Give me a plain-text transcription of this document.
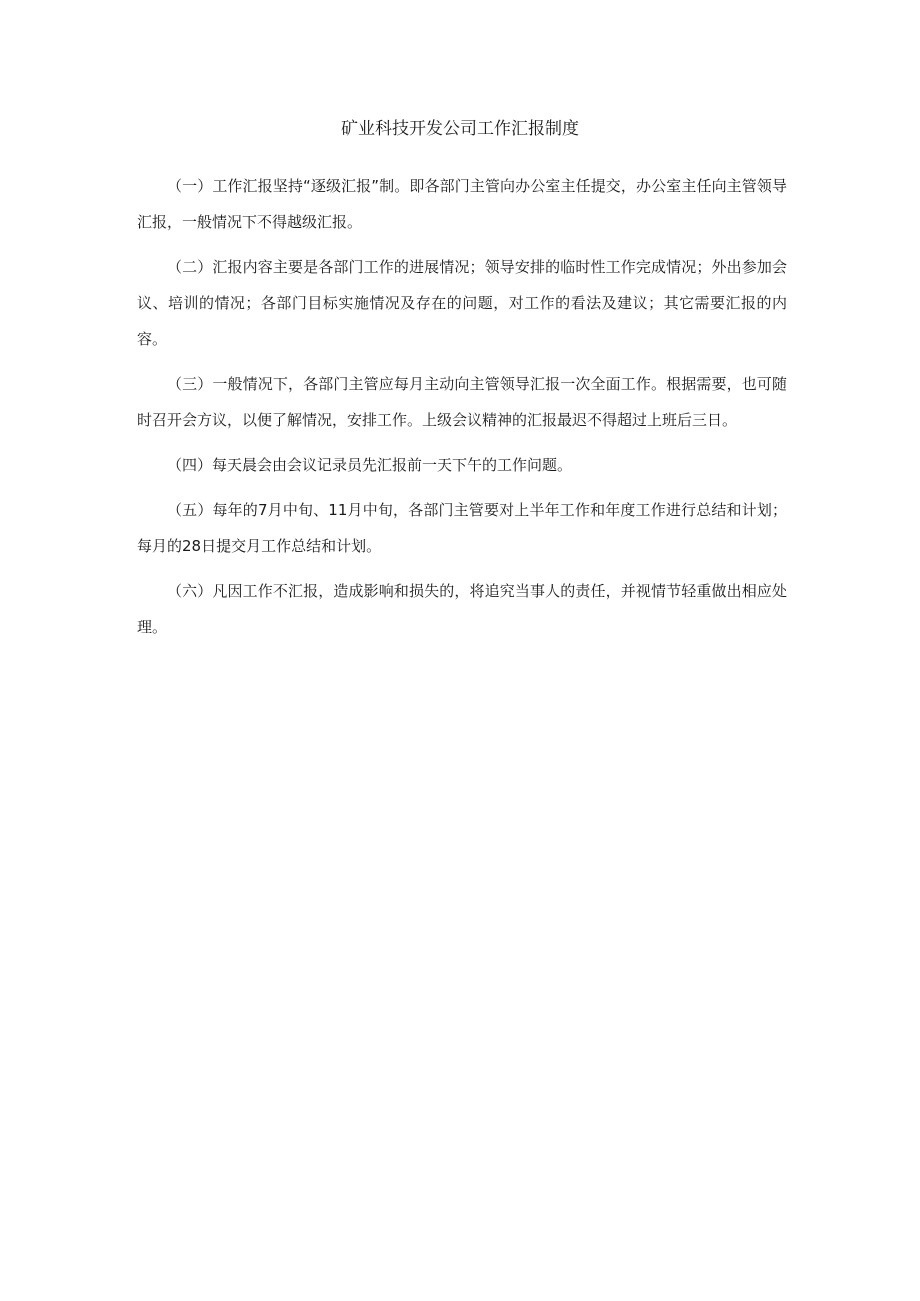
矿业科技开发公司工作汇报制度

（一）工作汇报坚持“逐级汇报”制。即各部门主管向办公室主任提交，办公室主任向主管领导汇报，一般情况下不得越级汇报。

（二）汇报内容主要是各部门工作的进展情况；领导安排的临时性工作完成情况；外出参加会议、培训的情况；各部门目标实施情况及存在的问题，对工作的看法及建议；其它需要汇报的内容。

（三）一般情况下，各部门主管应每月主动向主管领导汇报一次全面工作。根据需要，也可随时召开会方议，以便了解情况，安排工作。上级会议精神的汇报最迟不得超过上班后三日。

（四）每天晨会由会议记录员先汇报前一天下午的工作问题。

（五）每年的7月中旬、11月中旬，各部门主管要对上半年工作和年度工作进行总结和计划；每月的28日提交月工作总结和计划。

（六）凡因工作不汇报，造成影响和损失的，将追究当事人的责任，并视情节轻重做出相应处理。
